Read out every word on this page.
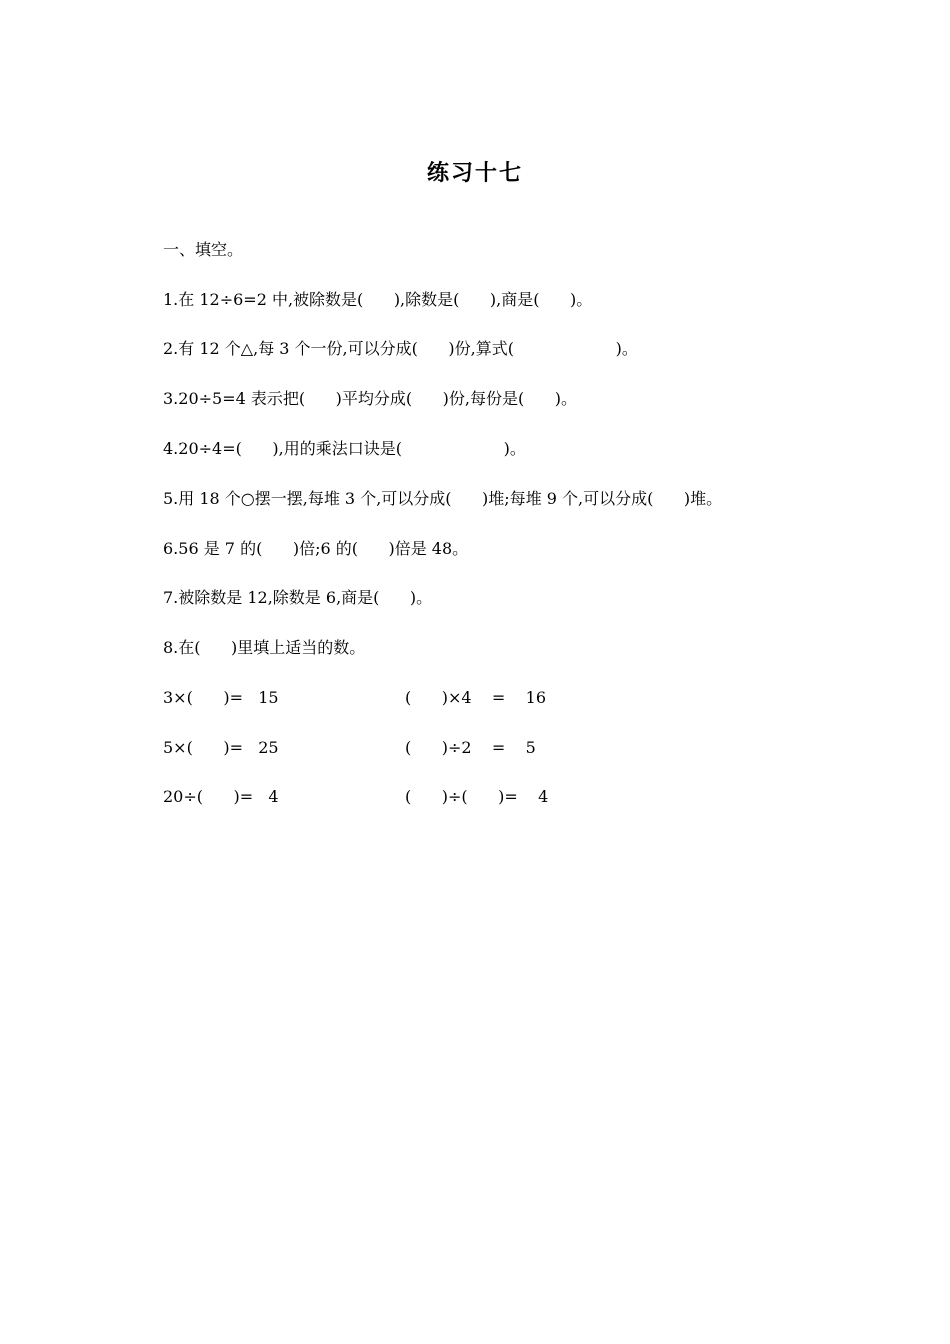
练习十七
一、填空。
1.在 12÷6=2 中,被除数是(      ),除数是(      ),商是(      )。
2.有 12 个△,每 3 个一份,可以分成(      )份,算式(                    )。
3.20÷5=4 表示把(      )平均分成(      )份,每份是(      )。
4.20÷4=(      ),用的乘法口诀是(                    )。
5.用 18 个○摆一摆,每堆 3 个,可以分成(      )堆;每堆 9 个,可以分成(      )堆。
6.56 是 7 的(      )倍;6 的(      )倍是 48。
7.被除数是 12,除数是 6,商是(      )。
8.在(      )里填上适当的数。
3×(      )=   15	(      )×4    =    16
5×(      )=   25	(      )÷2    =    5
20÷(      )=   4	(      )÷(      )=    4
